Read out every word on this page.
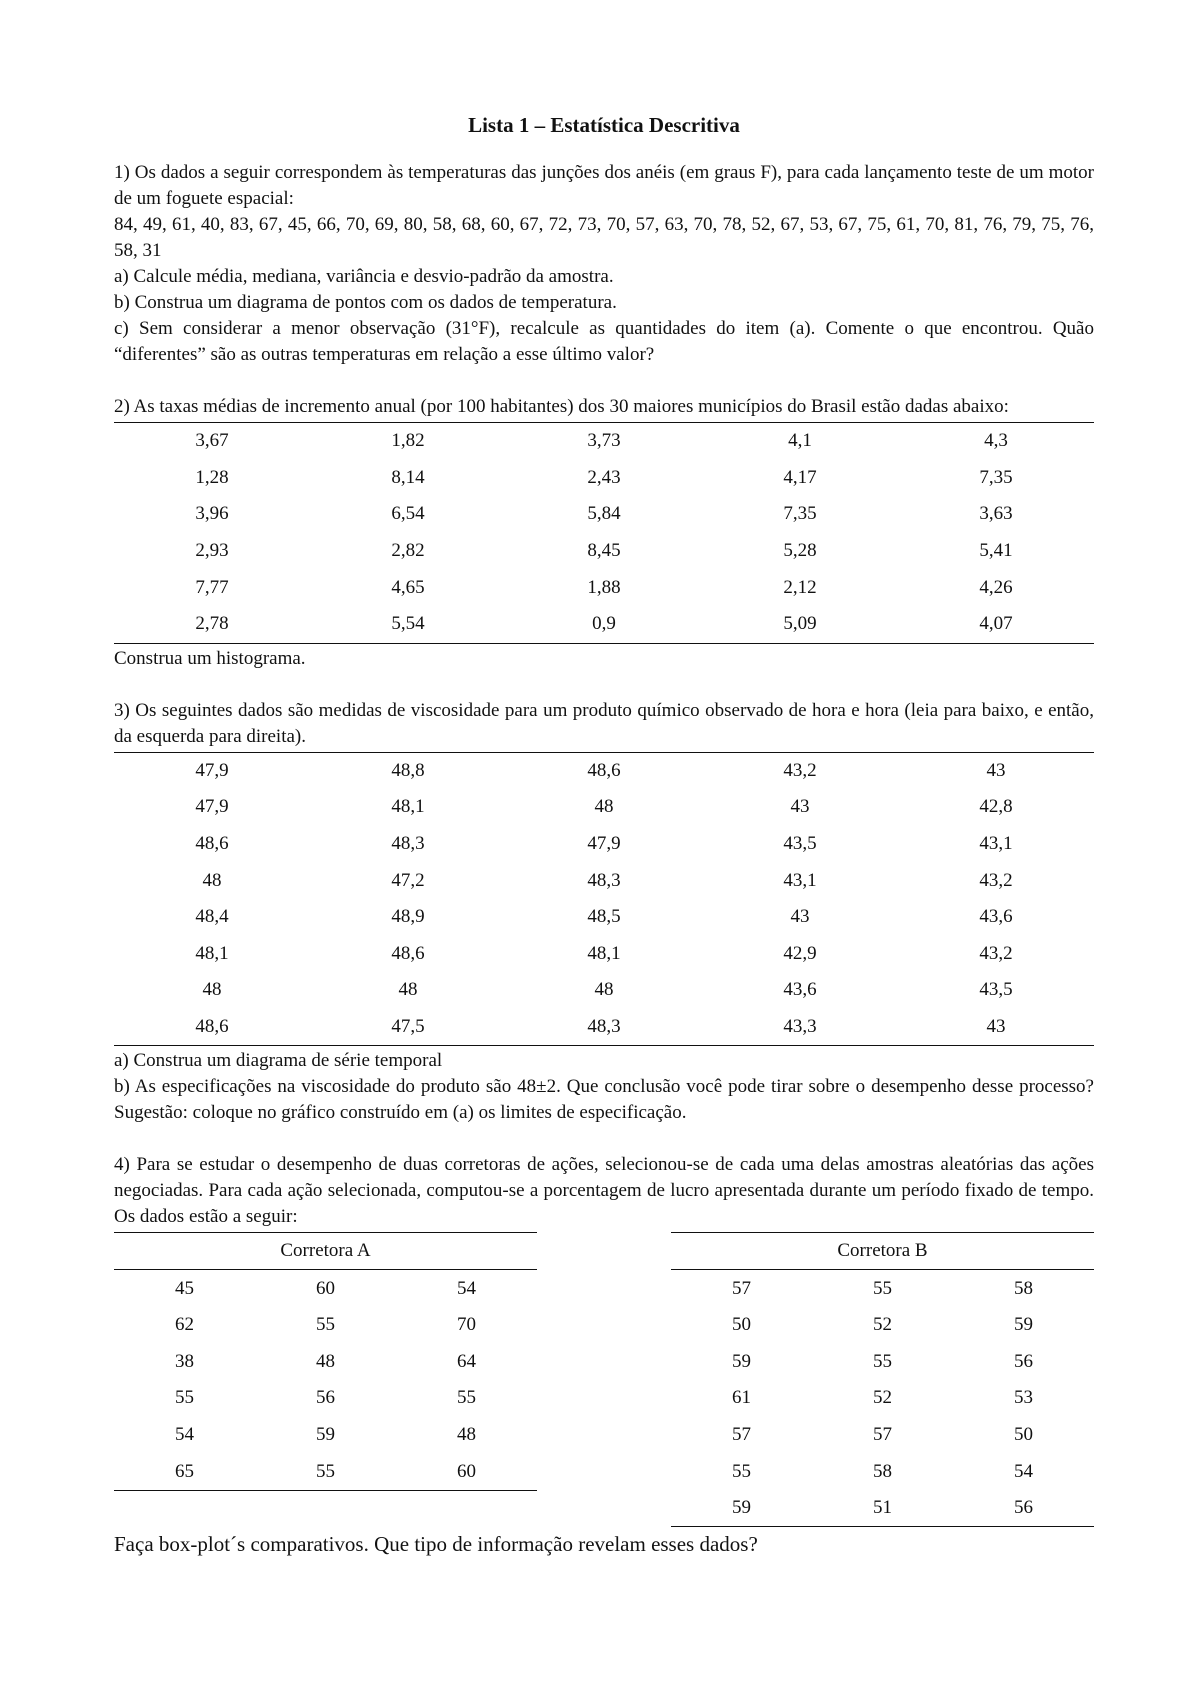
Lista 1 – Estatística Descritiva

1) Os dados a seguir correspondem às temperaturas das junções dos anéis (em graus F), para cada lançamento teste de um motor de um foguete espacial:

84, 49, 61, 40, 83, 67, 45, 66, 70, 69, 80, 58, 68, 60, 67, 72, 73, 70, 57, 63, 70, 78, 52, 67, 53, 67, 75, 61, 70, 81, 76, 79, 75, 76, 58, 31

a) Calcule média, mediana, variância e desvio-padrão da amostra.

b) Construa um diagrama de pontos com os dados de temperatura.

c) Sem considerar a menor observação (31°F), recalcule as quantidades do item (a). Comente o que encontrou. Quão “diferentes” são as outras temperaturas em relação a esse último valor?

2) As taxas médias de incremento anual (por 100 habitantes) dos 30 maiores municípios do Brasil estão dadas abaixo:

3,67	1,82	3,73	4,1	4,3
1,28	8,14	2,43	4,17	7,35
3,96	6,54	5,84	7,35	3,63
2,93	2,82	8,45	5,28	5,41
7,77	4,65	1,88	2,12	4,26
2,78	5,54	0,9	5,09	4,07

Construa um histograma.

3) Os seguintes dados são medidas de viscosidade para um produto químico observado de hora e hora (leia para baixo, e então, da esquerda para direita).

47,9	48,8	48,6	43,2	43
47,9	48,1	48	43	42,8
48,6	48,3	47,9	43,5	43,1
48	47,2	48,3	43,1	43,2
48,4	48,9	48,5	43	43,6
48,1	48,6	48,1	42,9	43,2
48	48	48	43,6	43,5
48,6	47,5	48,3	43,3	43

a) Construa um diagrama de série temporal

b) As especificações na viscosidade do produto são 48±2. Que conclusão você pode tirar sobre o desempenho desse processo? Sugestão: coloque no gráfico construído em (a) os limites de especificação.

4) Para se estudar o desempenho de duas corretoras de ações, selecionou-se de cada uma delas amostras aleatórias das ações negociadas. Para cada ação selecionada, computou-se a porcentagem de lucro apresentada durante um período fixado de tempo. Os dados estão a seguir:

Corretora A		
45	60	54
62	55	70
38	48	64
55	56	55
54	59	48
65	55	60
Corretora B		
57	55	58
50	52	59
59	55	56
61	52	53
57	57	50
55	58	54
59	51	56

Faça box-plot´s comparativos. Que tipo de informação revelam esses dados?
